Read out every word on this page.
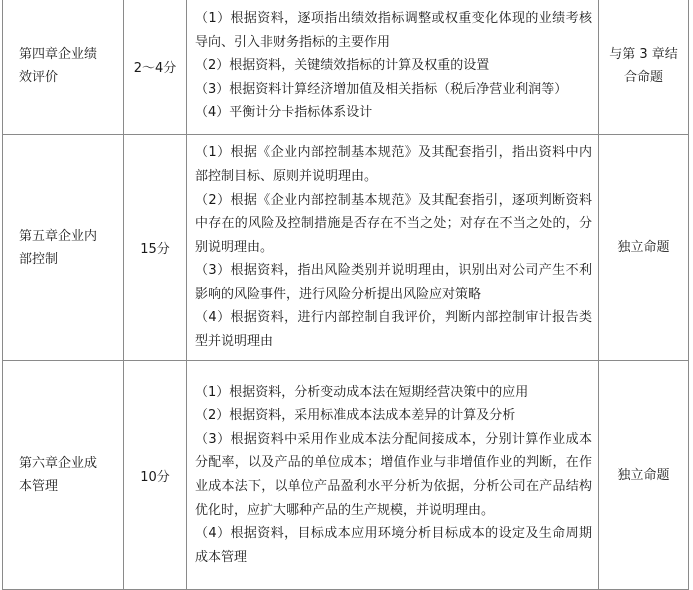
第四章企业绩效评价	2～4分	（1）根据资料，逐项指出绩效指标调整或权重变化体现的业绩考核导向、引入非财务指标的主要作用
（2）根据资料，关键绩效指标的计算及权重的设置
（3）根据资料计算经济增加值及相关指标（税后净营业利润等）
（4）平衡计分卡指标体系设计	与第 3 章结合命题
第五章企业内部控制	15分	（1）根据《企业内部控制基本规范》及其配套指引，指出资料中内部控制目标、原则并说明理由。
（2）根据《企业内部控制基本规范》及其配套指引，逐项判断资料中存在的风险及控制措施是否存在不当之处；对存在不当之处的，分别说明理由。
（3）根据资料，指出风险类别并说明理由，识别出对公司产生不利影响的风险事件，进行风险分析提出风险应对策略
（4）根据资料，进行内部控制自我评价，判断内部控制审计报告类型并说明理由	独立命题
第六章企业成本管理	10分	（1）根据资料，分析变动成本法在短期经营决策中的应用
（2）根据资料，采用标准成本法成本差异的计算及分析
（3）根据资料中采用作业成本法分配间接成本，分别计算作业成本分配率，以及产品的单位成本；增值作业与非增值作业的判断，在作业成本法下，以单位产品盈利水平分析为依据，分析公司在产品结构优化时，应扩大哪种产品的生产规模，并说明理由。
（4）根据资料，目标成本应用环境分析目标成本的设定及生命周期成本管理	独立命题
